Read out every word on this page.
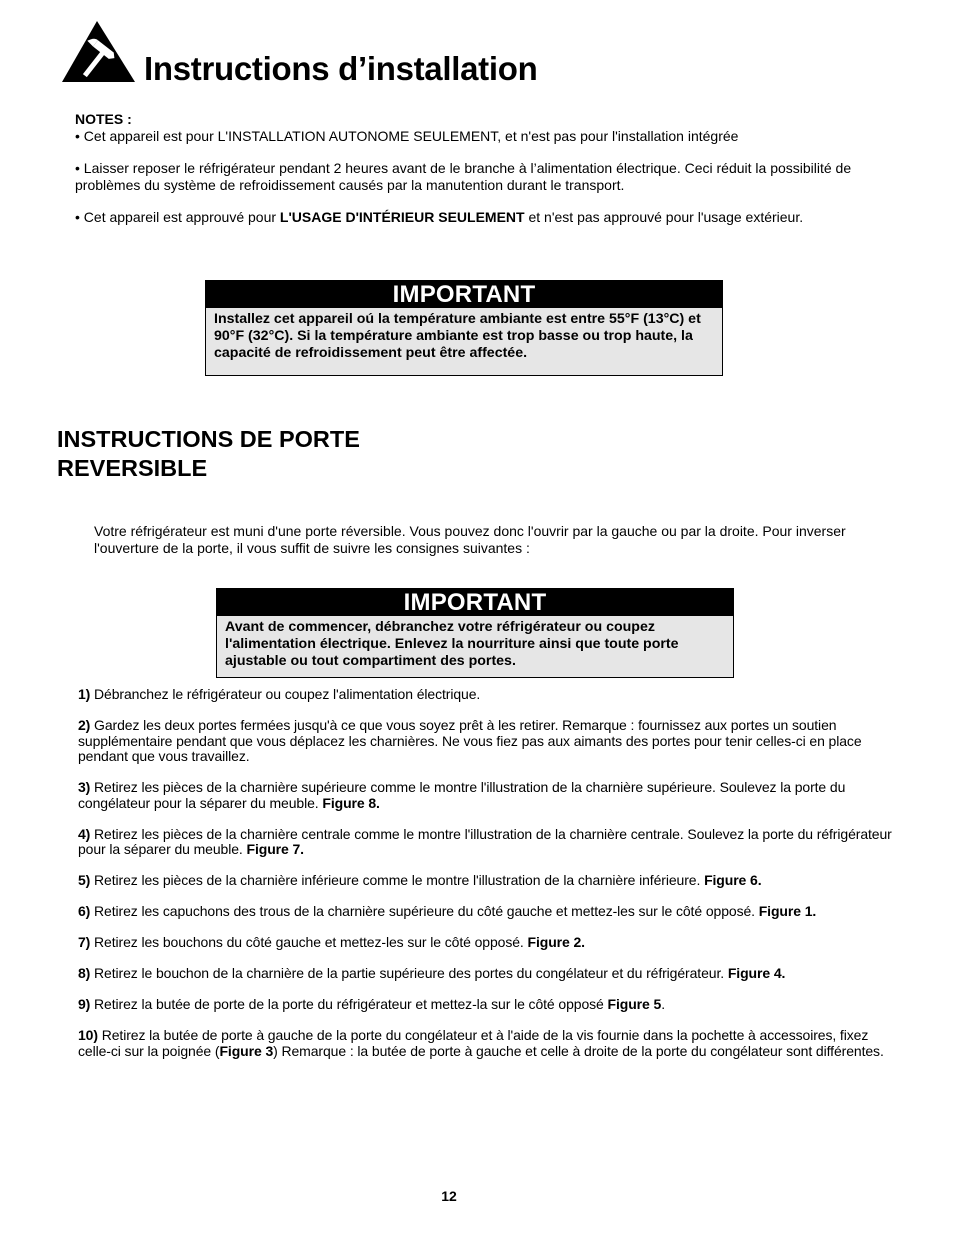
Instructions d’installation

NOTES :

• Cet appareil est pour L'INSTALLATION AUTONOME SEULEMENT, et n'est pas pour l'installation intégrée

• Laisser reposer le réfrigérateur pendant 2 heures avant de le branche à l’alimentation électrique. Ceci réduit la possibilité de problèmes du système de refroidissement causés par la manutention durant le transport.

• Cet appareil est approuvé pour L'USAGE D'INTÉRIEUR SEULEMENT et n'est pas approuvé pour l'usage extérieur.

IMPORTANT
Installez cet appareil oú la température ambiante est entre 55°F (13°C) et 90°F (32°C). Si la température ambiante est trop basse ou trop haute, la capacité de refroidissement peut être affectée.
INSTRUCTIONS DE PORTE
REVERSIBLE
Votre réfrigérateur est muni d'une porte réversible. Vous pouvez donc l'ouvrir par la gauche ou par la droite. Pour inverser l'ouverture de la porte, il vous suffit de suivre les consignes suivantes :
IMPORTANT
Avant de commencer, débranchez votre réfrigérateur ou coupez l'alimentation électrique. Enlevez la nourriture ainsi que toute porte ajustable ou tout compartiment des portes.

1) Débranchez le réfrigérateur ou coupez l'alimentation électrique.

2) Gardez les deux portes fermées jusqu'à ce que vous soyez prêt à les retirer. Remarque : fournissez aux portes un soutien supplémentaire pendant que vous déplacez les charnières. Ne vous fiez pas aux aimants des portes pour tenir celles-ci en place pendant que vous travaillez.

3) Retirez les pièces de la charnière supérieure comme le montre l'illustration de la charnière supérieure. Soulevez la porte du congélateur pour la séparer du meuble. Figure 8.

4) Retirez les pièces de la charnière centrale comme le montre l'illustration de la charnière centrale. Soulevez la porte du réfrigérateur pour la séparer du meuble. Figure 7.

5) Retirez les pièces de la charnière inférieure comme le montre l'illustration de la charnière inférieure. Figure 6.

6) Retirez les capuchons des trous de la charnière supérieure du côté gauche et mettez-les sur le côté opposé. Figure 1.

7) Retirez les bouchons du côté gauche et mettez-les sur le côté opposé. Figure 2.

8) Retirez le bouchon de la charnière de la partie supérieure des portes du congélateur et du réfrigérateur. Figure 4.

9) Retirez la butée de porte de la porte du réfrigérateur et mettez-la sur le côté opposé Figure 5.

10) Retirez la butée de porte à gauche de la porte du congélateur et à l'aide de la vis fournie dans la pochette à accessoires, fixez celle-ci sur la poignée (Figure 3) Remarque : la butée de porte à gauche et celle à droite de la porte du congélateur sont différentes.

12
